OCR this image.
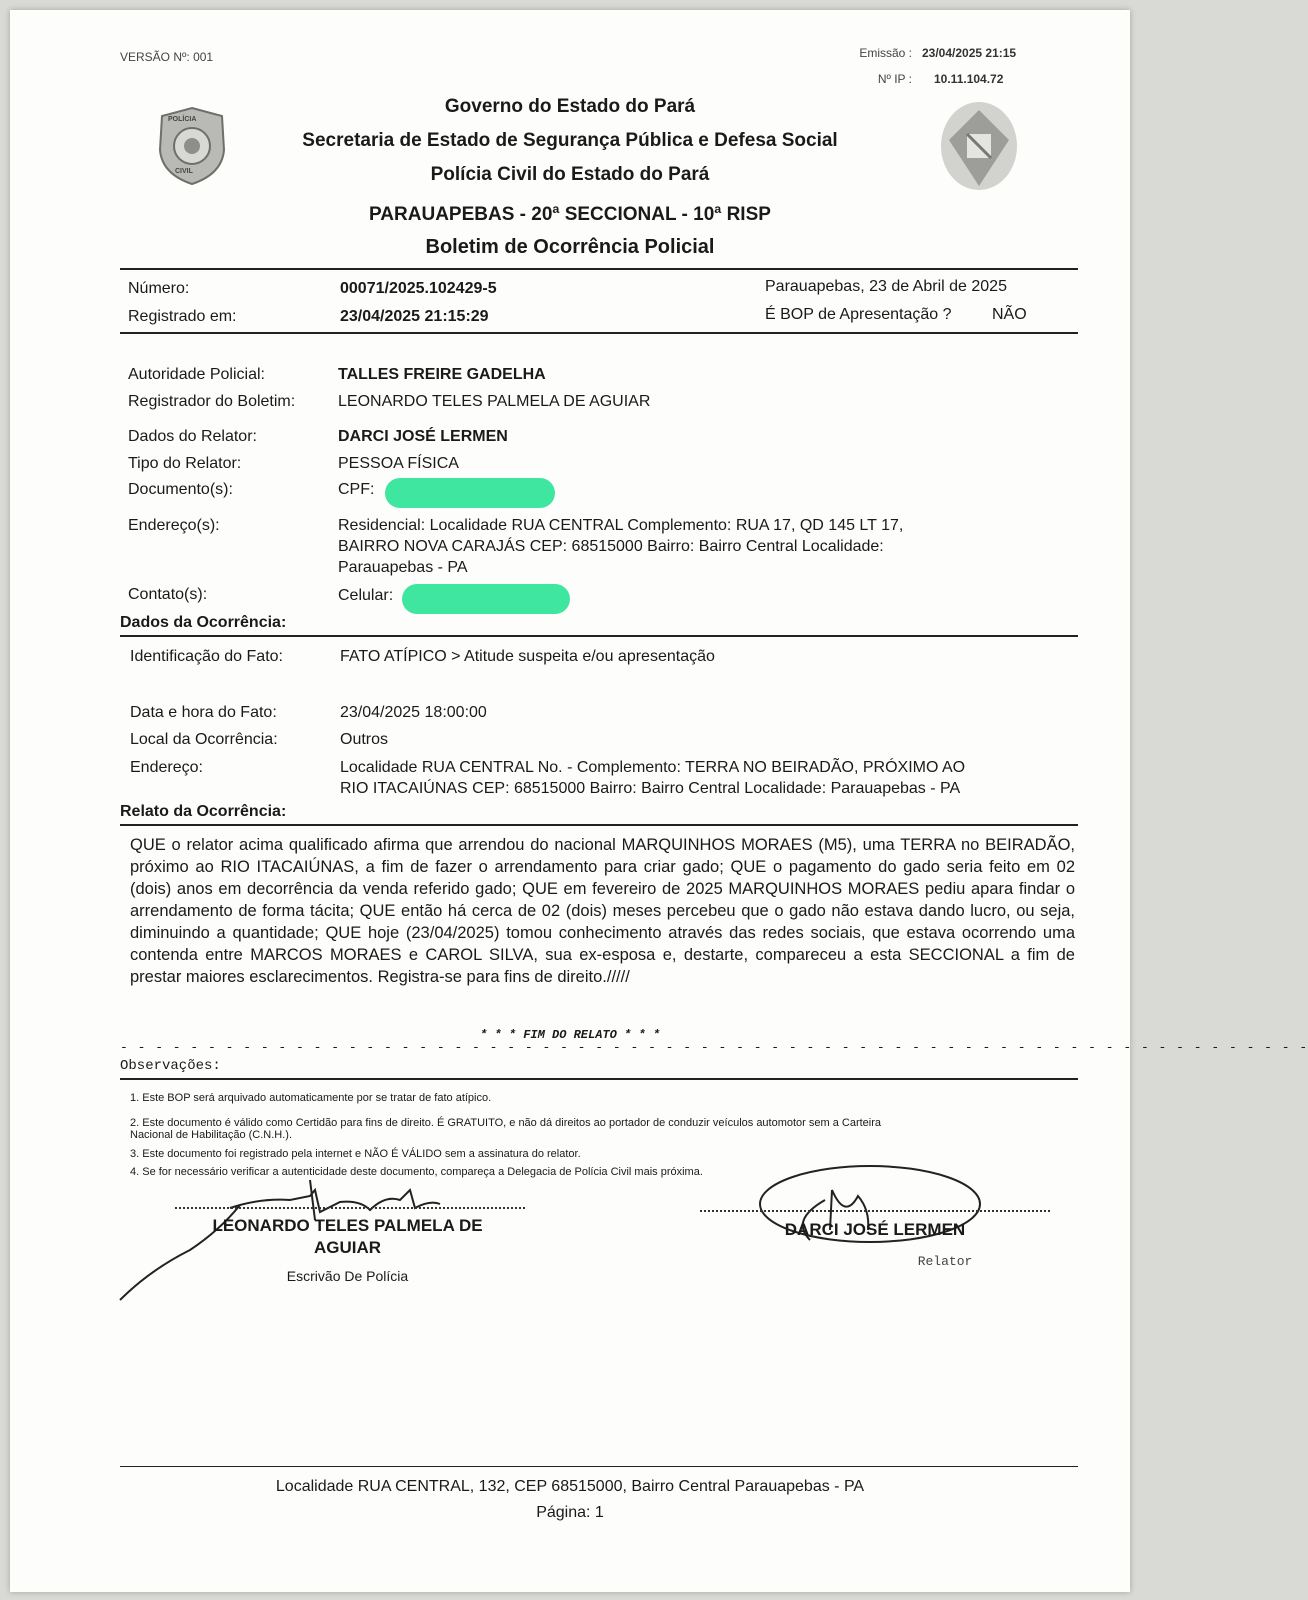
VERSÃO Nº: 001	Emissão : 23/04/2025 21:15
Nº IP : 10.11.104.72
POLÍCIA
CIVIL
Governo do Estado do Pará
Secretaria de Estado de Segurança Pública e Defesa Social
Polícia Civil do Estado do Pará
PARAUAPEBAS - 20ª SECCIONAL - 10ª RISP
Boletim de Ocorrência Policial
Número:	00071/2025.102429-5	Parauapebas, 23 de Abril de 2025
Registrado em:	23/04/2025 21:15:29	É BOP de Apresentação ?	NÃO
Autoridade Policial:	TALLES FREIRE GADELHA
Registrador do Boletim:	LEONARDO TELES PALMELA DE AGUIAR
Dados do Relator:	DARCI JOSÉ LERMEN
Tipo do Relator:	PESSOA FÍSICA
Documento(s):	CPF:
Endereço(s):	Residencial: Localidade RUA CENTRAL Complemento: RUA 17, QD 145 LT 17,
BAIRRO NOVA CARAJÁS CEP: 68515000 Bairro: Bairro Central Localidade:
Parauapebas - PA
Contato(s):	Celular:
Dados da Ocorrência:
Identificação do Fato:	FATO ATÍPICO > Atitude suspeita e/ou apresentação
Data e hora do Fato:	23/04/2025 18:00:00
Local da Ocorrência:	Outros
Endereço:	Localidade RUA CENTRAL No. - Complemento: TERRA NO BEIRADÃO, PRÓXIMO AO
RIO ITACAIÚNAS CEP: 68515000 Bairro: Bairro Central Localidade: Parauapebas - PA
Relato da Ocorrência:
QUE o relator acima qualificado afirma que arrendou do nacional MARQUINHOS MORAES (M5), uma TERRA no BEIRADÃO, próximo ao RIO ITACAIÚNAS, a fim de fazer o arrendamento para criar gado; QUE o pagamento do gado seria feito em 02 (dois) anos em decorrência da venda referido gado; QUE em fevereiro de 2025 MARQUINHOS MORAES pediu apara findar o arrendamento de forma tácita; QUE então há cerca de 02 (dois) meses percebeu que o gado não estava dando lucro, ou seja, diminuindo a quantidade; QUE hoje (23/04/2025) tomou conhecimento através das redes sociais, que estava ocorrendo uma contenda entre MARCOS MORAES e CAROL SILVA, sua ex-esposa e, destarte, compareceu a esta SECCIONAL a fim de prestar maiores esclarecimentos. Registra-se para fins de direito./////
* * * FIM DO RELATO * * *
- - - - - - - - - - - - - - - - - - - - - - - - - - - - - - - - - - - - - - - - - - - - - - - - - - - - - - - - - - - - - - - - - - - -
Observações:
1. Este BOP será arquivado automaticamente por se tratar de fato atípico.
2. Este documento é válido como Certidão para fins de direito. É GRATUITO, e não dá direitos ao portador de conduzir veículos automotor sem a Carteira
Nacional de Habilitação (C.N.H.).
3. Este documento foi registrado pela internet e NÃO É VÁLIDO sem a assinatura do relator.
4. Se for necessário verificar a autenticidade deste documento, compareça a Delegacia de Polícia Civil mais próxima.
LEONARDO TELES PALMELA DE
AGUIAR
Escrivão De Polícia
DARCI JOSÉ LERMEN
Relator
Localidade RUA CENTRAL, 132, CEP 68515000, Bairro Central Parauapebas - PA
Página: 1
